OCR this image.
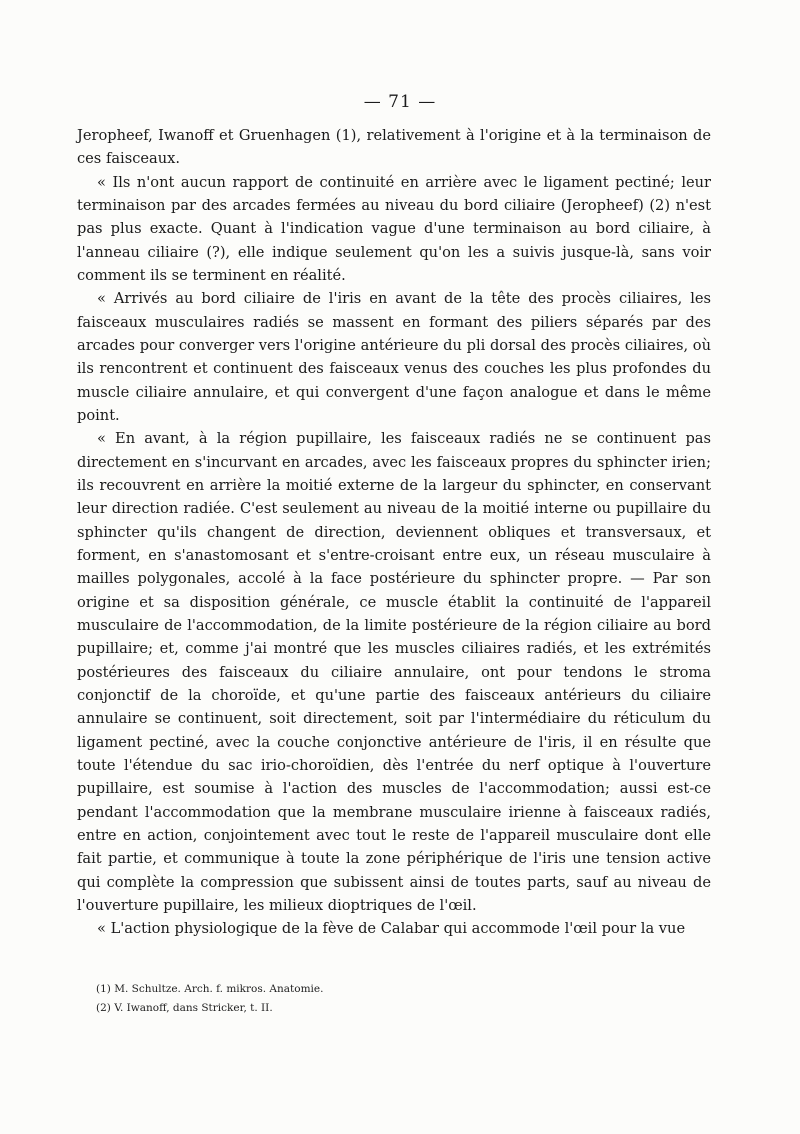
— 71 —

Jeropheef, Iwanoff et Gruenhagen (1), relativement à l'origine et à la terminaison de ces faisceaux.

« Ils n'ont aucun rapport de continuité en arrière avec le ligament pectiné; leur terminaison par des arcades fermées au niveau du bord ciliaire (Jeropheef) (2) n'est pas plus exacte. Quant à l'indication vague d'une terminaison au bord ciliaire, à l'anneau ciliaire (?), elle indique seulement qu'on les a suivis jusque-là, sans voir comment ils se terminent en réalité.

« Arrivés au bord ciliaire de l'iris en avant de la tête des procès ciliaires, les faisceaux musculaires radiés se massent en formant des piliers séparés par des arcades pour converger vers l'origine antérieure du pli dorsal des procès ciliaires, où ils rencontrent et continuent des faisceaux venus des couches les plus profondes du muscle ciliaire annulaire, et qui convergent d'une façon analogue et dans le même point.

« En avant, à la région pupillaire, les faisceaux radiés ne se continuent pas directement en s'incurvant en arcades, avec les faisceaux propres du sphincter irien; ils recouvrent en arrière la moitié externe de la largeur du sphincter, en conservant leur direction radiée. C'est seulement au niveau de la moitié interne ou pupillaire du sphincter qu'ils changent de direction, deviennent obliques et transversaux, et forment, en s'anastomosant et s'entre-croisant entre eux, un réseau musculaire à mailles polygonales, accolé à la face postérieure du sphincter propre. — Par son origine et sa disposition générale, ce muscle établit la continuité de l'appareil musculaire de l'accommodation, de la limite postérieure de la région ciliaire au bord pupillaire; et, comme j'ai montré que les muscles ciliaires radiés, et les extrémités postérieures des faisceaux du ciliaire annulaire, ont pour tendons le stroma conjonctif de la choroïde, et qu'une partie des faisceaux antérieurs du ciliaire annulaire se continuent, soit directement, soit par l'intermédiaire du réticulum du ligament pectiné, avec la couche conjonctive antérieure de l'iris, il en résulte que toute l'étendue du sac irio-choroïdien, dès l'entrée du nerf optique à l'ouverture pupillaire, est soumise à l'action des muscles de l'accommodation; aussi est-ce pendant l'accommodation que la membrane musculaire irienne à faisceaux radiés, entre en action, conjointement avec tout le reste de l'appareil musculaire dont elle fait partie, et communique à toute la zone périphérique de l'iris une tension active qui complète la compression que subissent ainsi de toutes parts, sauf au niveau de l'ouverture pupillaire, les milieux dioptriques de l'œil.

« L'action physiologique de la fève de Calabar qui accommode l'œil pour la vue

(1) M. Schultze. Arch. f. mikros. Anatomie.
(2) V. Iwanoff, dans Stricker, t. II.
